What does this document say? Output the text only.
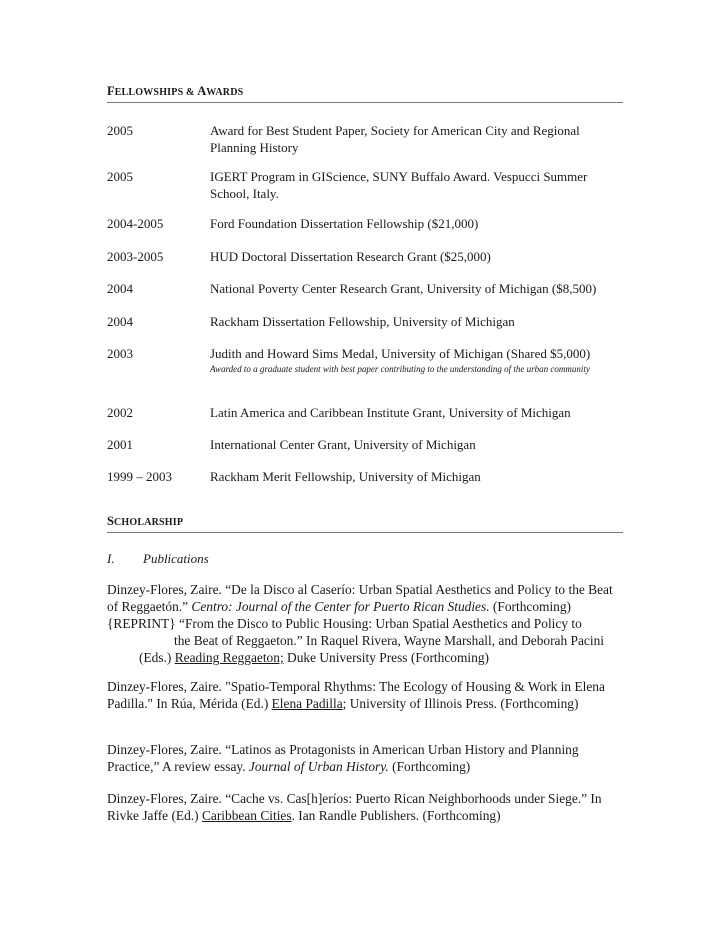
FELLOWSHIPS & AWARDS
2005	Award for Best Student Paper, Society for American City and Regional Planning History
2005	IGERT Program in GIScience, SUNY Buffalo Award. Vespucci Summer School, Italy.
2004-2005	Ford Foundation Dissertation Fellowship ($21,000)
2003-2005	HUD Doctoral Dissertation Research Grant ($25,000)
2004	National Poverty Center Research Grant, University of Michigan ($8,500)
2004	Rackham Dissertation Fellowship, University of Michigan
2003	Judith and Howard Sims Medal, University of Michigan (Shared $5,000)
Awarded to a graduate student with best paper contributing to the understanding of the urban community
2002	Latin America and Caribbean Institute Grant, University of Michigan
2001	International Center Grant, University of Michigan
1999 – 2003	Rackham Merit Fellowship, University of Michigan
SCHOLARSHIP
I. Publications
Dinzey-Flores, Zaire. “De la Disco al Caserío: Urban Spatial Aesthetics and Policy to the Beat of Reggaetón.” Centro: Journal of the Center for Puerto Rican Studies. (Forthcoming)
{REPRINT} “From the Disco to Public Housing: Urban Spatial Aesthetics and Policy to
the Beat of Reggaeton.” In Raquel Rivera, Wayne Marshall, and Deborah Pacini
(Eds.) Reading Reggaeton; Duke University Press (Forthcoming)
Dinzey-Flores, Zaire. "Spatio-Temporal Rhythms: The Ecology of Housing & Work in Elena Padilla." In Rúa, Mérida (Ed.) Elena Padilla; University of Illinois Press. (Forthcoming)
Dinzey-Flores, Zaire. “Latinos as Protagonists in American Urban History and Planning Practice,” A review essay. Journal of Urban History. (Forthcoming)
Dinzey-Flores, Zaire. “Cache vs. Cas[h]eríos: Puerto Rican Neighborhoods under Siege.” In Rivke Jaffe (Ed.) Caribbean Cities. Ian Randle Publishers. (Forthcoming)
